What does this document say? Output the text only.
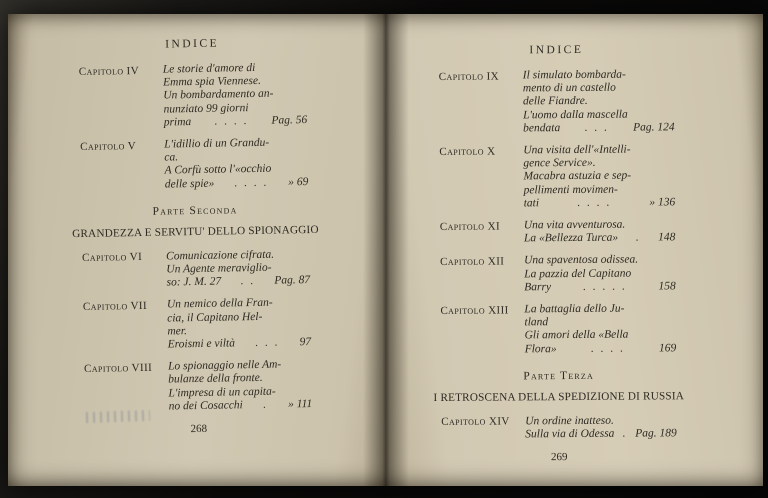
INDICE
Capitolo IV	Le storie d'amore di
Emma spia Viennese.
Un bombardamento an-
nunziato 99 giorni
prima	. . . .	Pag. 56
Capitolo V	L'idillio di un Grandu-
ca.
A Corfù sotto l'«occhio
delle spie»	. . . .	» 69
Parte Seconda
GRANDEZZA E SERVITU' DELLO SPIONAGGIO
Capitolo VI	Comunicazione cifrata.
Un Agente meraviglio-
so: J. M. 27	. .	Pag. 87
Capitolo VII	Un nemico della Fran-
cia, il Capitano Hel-
mer.
Eroismi e viltà	. . .	97
Capitolo VIII	Lo spionaggio nelle Am-
bulanze della fronte.
L'impresa di un capita-
no dei Cosacchi	.	» 111
268
INDICE
Capitolo IX	Il simulato bombarda-
mento di un castello
delle Fiandre.
L'uomo dalla mascella
bendata	. . .	Pag. 124
Capitolo X	Una visita dell'«Intelli-
gence Service».
Macabra astuzia e sep-
pellimenti movimen-
tati	. . . .	» 136
Capitolo XI	Una vita avventurosa.
La «Bellezza Turca»	.	148
Capitolo XII	Una spaventosa odissea.
La pazzia del Capitano
Barry	. . . . .	158
Capitolo XIII	La battaglia dello Ju-
tland
Gli amori della «Bella
Flora»	. . . .	169
Parte Terza
I RETROSCENA DELLA SPEDIZIONE DI RUSSIA
Capitolo XIV	Un ordine inatteso.
Sulla via di Odessa . Pag. 189
269
